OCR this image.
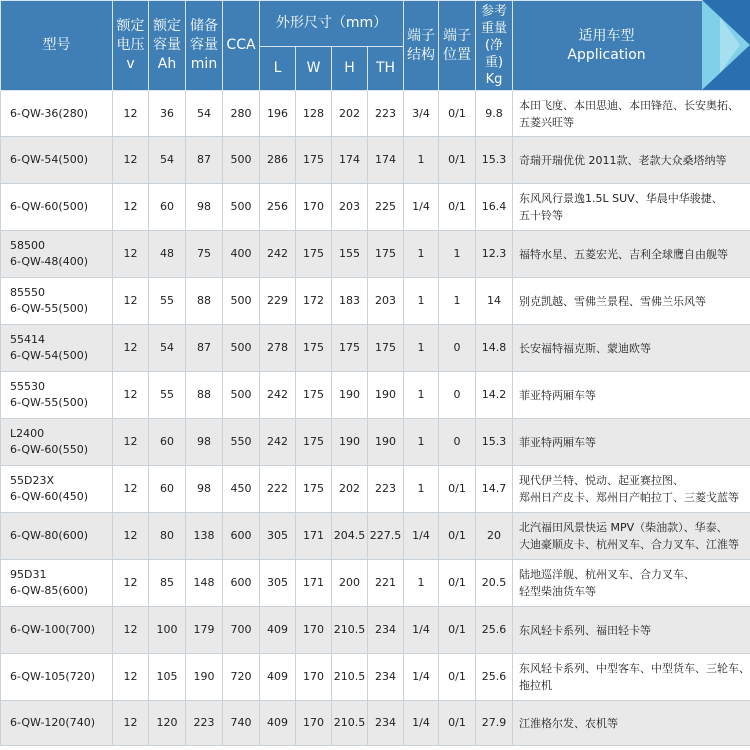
型号	额定
电压
v	额定
容量
Ah	储备
容量
min	CCA	外形尺寸（mm）				端子
结构	端子
位置	参考
重量
(净重)
Kg	适用车型
Application

					L	W	H	TH				

6-QW-36(280)	12	36	54	280	196	128	202	223	3/4	0/1	9.8	本田飞度、本田思迪、本田锋范、长安奥拓、
五菱兴旺等

6-QW-54(500)	12	54	87	500	286	175	174	174	1	0/1	15.3	奇瑞开瑞优优 2011款、老款大众桑塔纳等

6-QW-60(500)	12	60	98	500	256	170	203	225	1/4	0/1	16.4	东风风行景逸1.5L SUV、华晨中华骏捷、
五十铃等

58500
6-QW-48(400)	12	48	75	400	242	175	155	175	1	1	12.3	福特水星、五菱宏光、吉利全球鹰自由舰等

85550
6-QW-55(500)	12	55	88	500	229	172	183	203	1	1	14	别克凯越、雪佛兰景程、雪佛兰乐风等

55414
6-QW-54(500)	12	54	87	500	278	175	175	175	1	0	14.8	长安福特福克斯、蒙迪欧等

55530
6-QW-55(500)	12	55	88	500	242	175	190	190	1	0	14.2	菲亚特两厢车等

L2400
6-QW-60(550)	12	60	98	550	242	175	190	190	1	0	15.3	菲亚特两厢车等

55D23X
6-QW-60(450)	12	60	98	450	222	175	202	223	1	0/1	14.7	现代伊兰特、悦动、起亚赛拉图、
郑州日产皮卡、郑州日产帕拉丁、三菱戈蓝等

6-QW-80(600)	12	80	138	600	305	171	204.5	227.5	1/4	0/1	20	北汽福田风景快运 MPV（柴油款）、华泰、
大迪豪顺皮卡、杭州叉车、合力叉车、江淮等

95D31
6-QW-85(600)	12	85	148	600	305	171	200	221	1	0/1	20.5	陆地巡洋舰、杭州叉车、合力叉车、
轻型柴油货车等

6-QW-100(700)	12	100	179	700	409	170	210.5	234	1/4	0/1	25.6	东风轻卡系列、福田轻卡等

6-QW-105(720)	12	105	190	720	409	170	210.5	234	1/4	0/1	25.6	东风轻卡系列、中型客车、中型货车、三轮车、
拖拉机

6-QW-120(740)	12	120	223	740	409	170	210.5	234	1/4	0/1	27.9	江淮格尔发、农机等
